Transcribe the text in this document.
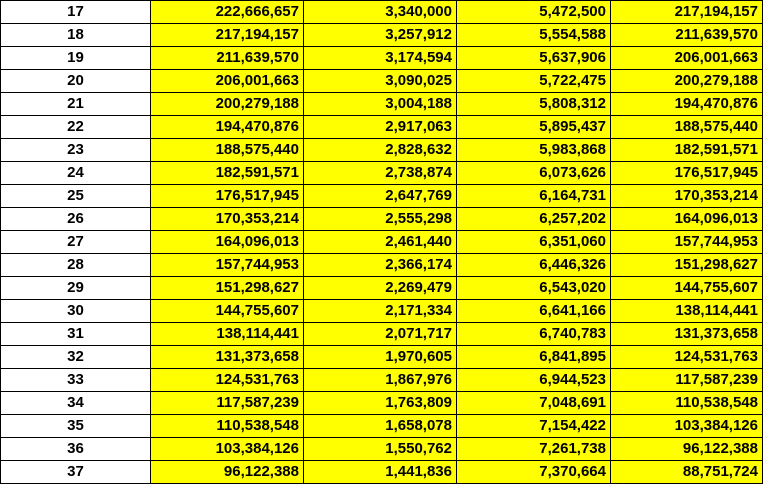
17	222,666,657	3,340,000	5,472,500	217,194,157
18	217,194,157	3,257,912	5,554,588	211,639,570
19	211,639,570	3,174,594	5,637,906	206,001,663
20	206,001,663	3,090,025	5,722,475	200,279,188
21	200,279,188	3,004,188	5,808,312	194,470,876
22	194,470,876	2,917,063	5,895,437	188,575,440
23	188,575,440	2,828,632	5,983,868	182,591,571
24	182,591,571	2,738,874	6,073,626	176,517,945
25	176,517,945	2,647,769	6,164,731	170,353,214
26	170,353,214	2,555,298	6,257,202	164,096,013
27	164,096,013	2,461,440	6,351,060	157,744,953
28	157,744,953	2,366,174	6,446,326	151,298,627
29	151,298,627	2,269,479	6,543,020	144,755,607
30	144,755,607	2,171,334	6,641,166	138,114,441
31	138,114,441	2,071,717	6,740,783	131,373,658
32	131,373,658	1,970,605	6,841,895	124,531,763
33	124,531,763	1,867,976	6,944,523	117,587,239
34	117,587,239	1,763,809	7,048,691	110,538,548
35	110,538,548	1,658,078	7,154,422	103,384,126
36	103,384,126	1,550,762	7,261,738	96,122,388
37	96,122,388	1,441,836	7,370,664	88,751,724
